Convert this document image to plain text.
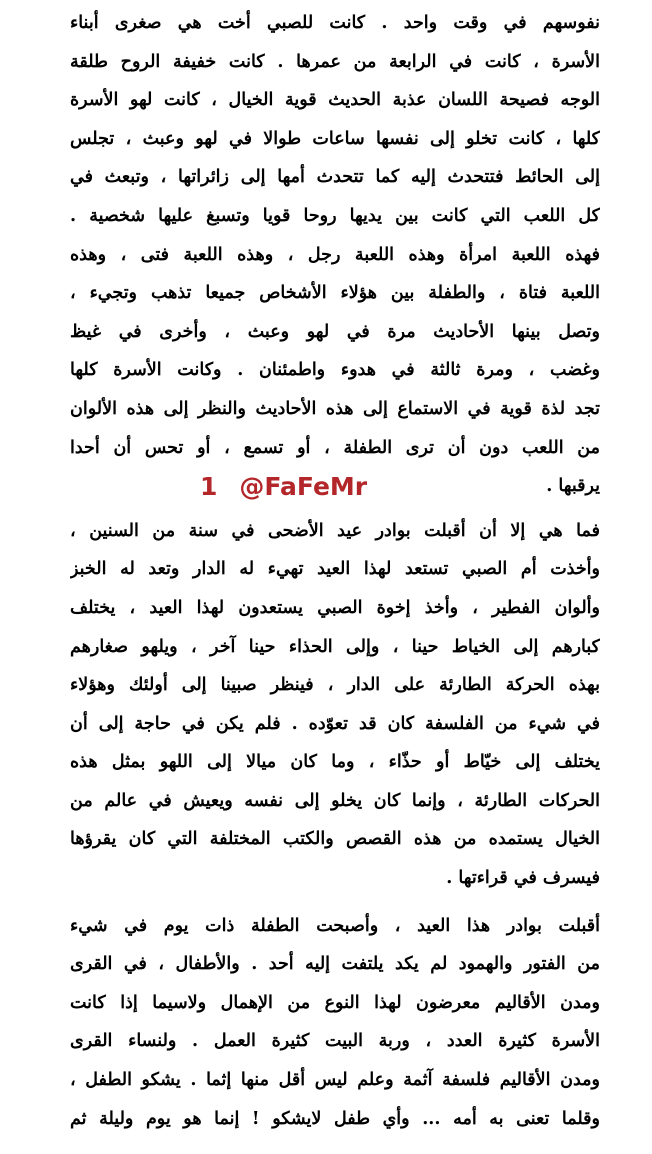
نفوسهم في وقت واحد . كانت للصبي أخت هي صغرى أبناء
الأسرة ، كانت في الرابعة من عمرها . كانت خفيفة الروح طلقة
الوجه فصيحة اللسان عذبة الحديث قوية الخيال ، كانت لهو الأسرة
كلها ، كانت تخلو إلى نفسها ساعات طوالا في لهو وعبث ، تجلس
إلى الحائط فتتحدث إليه كما تتحدث أمها إلى زائراتها ، وتبعث في
كل اللعب التي كانت بين يديها روحا قويا وتسبغ عليها شخصية .
فهذه اللعبة امرأة وهذه اللعبة رجل ، وهذه اللعبة فتى ، وهذه
اللعبة فتاة ، والطفلة بين هؤلاء الأشخاص جميعا تذهب وتجيء ،
وتصل بينها الأحاديث مرة في لهو وعبث ، وأخرى في غيظ
وغضب ، ومرة ثالثة في هدوء واطمئنان . وكانت الأسرة كلها
تجد لذة قوية في الاستماع إلى هذه الأحاديث والنظر إلى هذه الألوان
من اللعب دون أن ترى الطفلة ، أو تسمع ، أو تحس أن أحدا
يرقبها .
فما هي إلا أن أقبلت بوادر عيد الأضحى في سنة من السنين ،
وأخذت أم الصبي تستعد لهذا العيد تهيء له الدار وتعد له الخبز
وألوان الفطير ، وأخذ إخوة الصبي يستعدون لهذا العيد ، يختلف
كبارهم إلى الخياط حينا ، وإلى الحذاء حينا آخر ، ويلهو صغارهم
بهذه الحركة الطارئة على الدار ، فينظر صبينا إلى أولئك وهؤلاء
في شيء من الفلسفة كان قد تعوّده . فلم يكن في حاجة إلى أن
يختلف إلى خيّاط أو حذّاء ، وما كان ميالا إلى اللهو بمثل هذه
الحركات الطارئة ، وإنما كان يخلو إلى نفسه ويعيش في عالم من
الخيال يستمده من هذه القصص والكتب المختلفة التي كان يقرؤها
فيسرف في قراءتها .
أقبلت بوادر هذا العيد ، وأصبحت الطفلة ذات يوم في شيء
من الفتور والهمود لم يكد يلتفت إليه أحد . والأطفال ، في القرى
ومدن الأقاليم معرضون لهذا النوع من الإهمال ولاسيما إذا كانت
الأسرة كثيرة العدد ، وربة البيت كثيرة العمل . ولنساء القرى
ومدن الأقاليم فلسفة آثمة وعلم ليس أقل منها إثما . يشكو الطفل ،
وقلما تعنى به أمه ... وأي طفل لايشكو ! إنما هو يوم وليلة ثم
1 @FaFeMr
